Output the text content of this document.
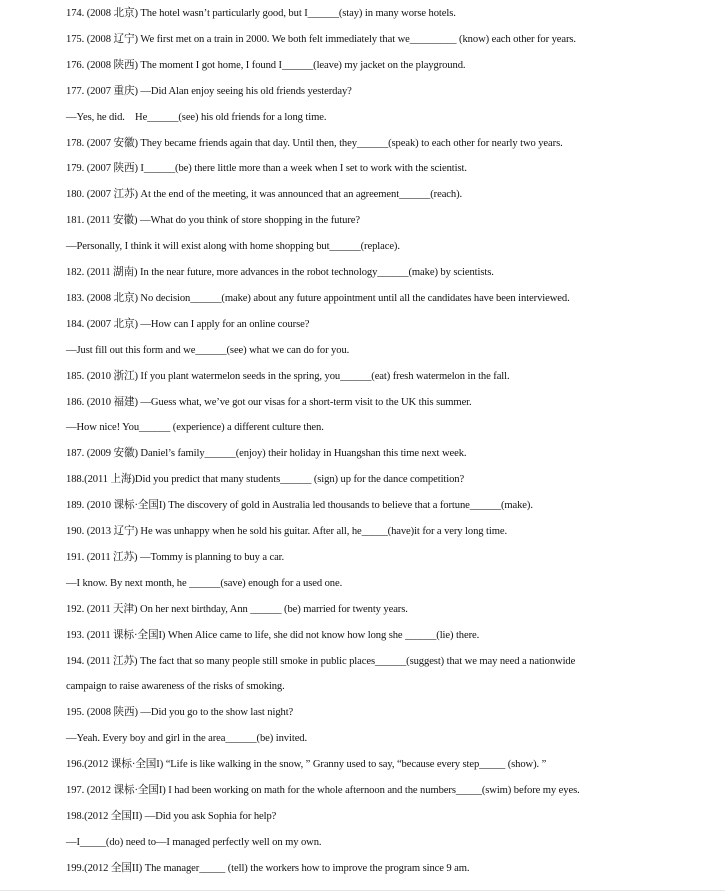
174. (2008 北京) The hotel wasn’t particularly good, but I______(stay) in many worse hotels.
175. (2008 辽宁) We first met on a train in 2000. We both felt immediately that we_________ (know) each other for years.
176. (2008 陕西) The moment I got home, I found I______(leave) my jacket on the playground.
177. (2007 重庆) —Did Alan enjoy seeing his old friends yesterday?
—Yes, he did.    He______(see) his old friends for a long time.
178. (2007 安徽) They became friends again that day. Until then, they______(speak) to each other for nearly two years.
179. (2007 陕西) I______(be) there little more than a week when I set to work with the scientist.
180. (2007 江苏) At the end of the meeting, it was announced that an agreement______(reach).
181. (2011 安徽) —What do you think of store shopping in the future?
—Personally, I think it will exist along with home shopping but______(replace).
182. (2011 湖南) In the near future, more advances in the robot technology______(make) by scientists.
183. (2008 北京) No decision______(make) about any future appointment until all the candidates have been interviewed.
184. (2007 北京) —How can I apply for an online course?
—Just fill out this form and we______(see) what we can do for you.
185. (2010 浙江) If you plant watermelon seeds in the spring, you______(eat) fresh watermelon in the fall.
186. (2010 福建) —Guess what, we’ve got our visas for a short-term visit to the UK this summer.
—How nice! You______ (experience) a different culture then.
187. (2009 安徽) Daniel’s family______(enjoy) their holiday in Huangshan this time next week.
188.(2011 上海)Did you predict that many students______ (sign) up for the dance competition?
189. (2010 课标·全国I) The discovery of gold in Australia led thousands to believe that a fortune______(make).
190. (2013 辽宁) He was unhappy when he sold his guitar. After all, he_____(have)it for a very long time.
191. (2011 江苏) —Tommy is planning to buy a car.
—I know. By next month, he ______(save) enough for a used one.
192. (2011 天津) On her next birthday, Ann ______ (be) married for twenty years.
193. (2011 课标·全国I) When Alice came to life, she did not know how long she ______(lie) there.
194. (2011 江苏) The fact that so many people still smoke in public places______(suggest) that we may need a nationwide
campaign to raise awareness of the risks of smoking.
195. (2008 陕西) —Did you go to the show last night?
—Yeah. Every boy and girl in the area______(be) invited.
196.(2012 课标·全国I) “Life is like walking in the snow, ” Granny used to say, “because every step_____ (show). ”
197. (2012 课标·全国I) I had been working on math for the whole afternoon and the numbers_____(swim) before my eyes.
198.(2012 全国II) —Did you ask Sophia for help?
—I_____(do) need to—I managed perfectly well on my own.
199.(2012 全国II) The manager_____ (tell) the workers how to improve the program since 9 am.
